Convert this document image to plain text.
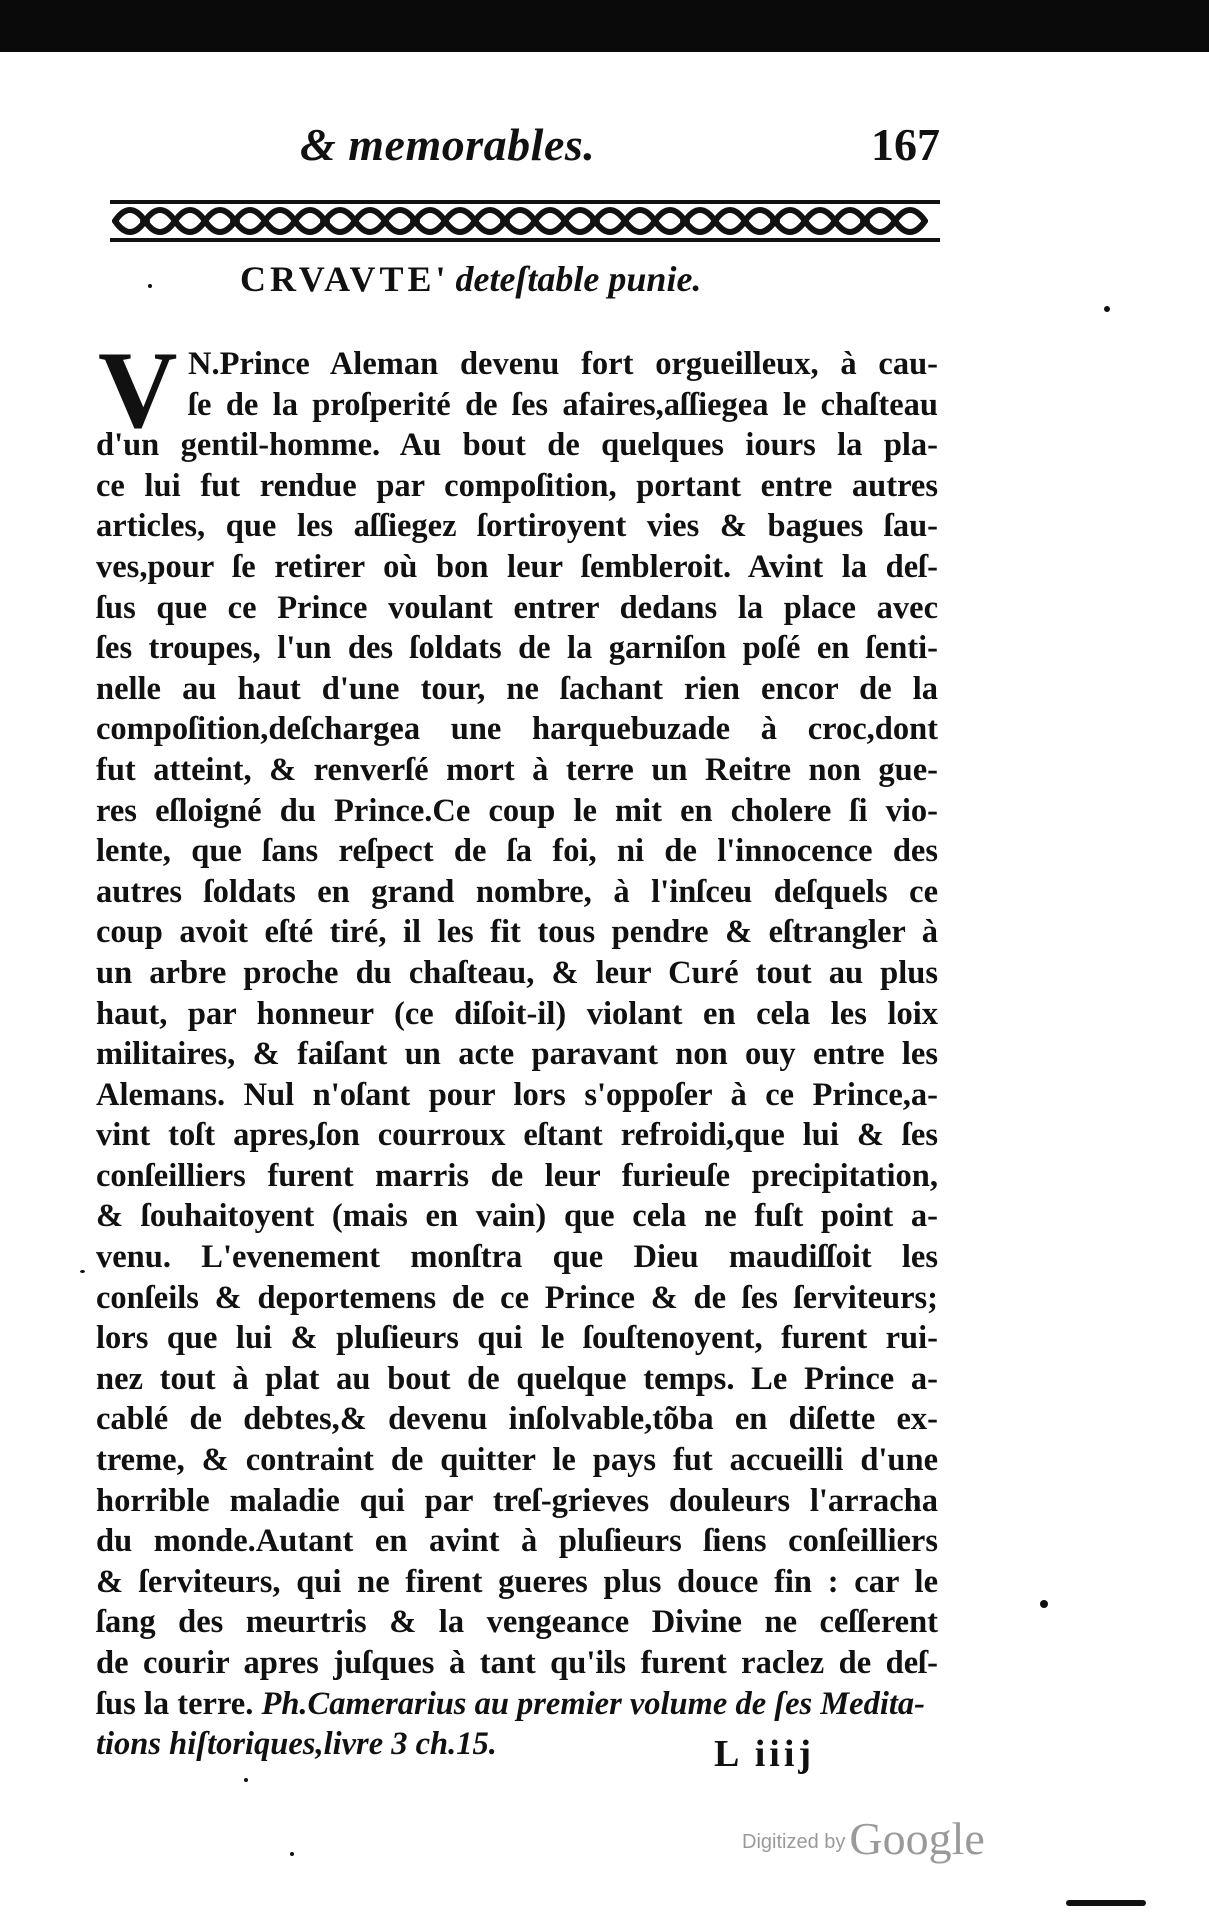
& memorables.	167
CRVAVTE' deteſtable punie.
V N.Prince Aleman devenu fort orgueilleux, à cau-
ſe de la proſperité de ſes afaires,aſſiegea le chaſteau
d'un gentil-homme. Au bout de quelques iours la pla-
ce lui fut rendue par compoſition, portant entre autres
articles, que les aſſiegez ſortiroyent vies & bagues ſau-
ves,pour ſe retirer où bon leur ſembleroit. Avint la deſ-
ſus que ce Prince voulant entrer dedans la place avec
ſes troupes, l'un des ſoldats de la garniſon poſé en ſenti-
nelle au haut d'une tour, ne ſachant rien encor de la
compoſition,deſchargea une harquebuzade à croc,dont
fut atteint, & renverſé mort à terre un Reitre non gue-
res eſloigné du Prince.Ce coup le mit en cholere ſi vio-
lente, que ſans reſpect de ſa foi, ni de l'innocence des
autres ſoldats en grand nombre, à l'inſceu deſquels ce
coup avoit eſté tiré, il les fit tous pendre & eſtrangler à
un arbre proche du chaſteau, & leur Curé tout au plus
haut, par honneur (ce diſoit-il) violant en cela les loix
militaires, & faiſant un acte paravant non ouy entre les
Alemans. Nul n'oſant pour lors s'oppoſer à ce Prince,a-
vint toſt apres,ſon courroux eſtant refroidi,que lui & ſes
conſeilliers furent marris de leur furieuſe precipitation,
& ſouhaitoyent (mais en vain) que cela ne fuſt point a-
venu. L'evenement monſtra que Dieu maudiſſoit les
conſeils & deportemens de ce Prince & de ſes ſerviteurs;
lors que lui & pluſieurs qui le ſouſtenoyent, furent rui-
nez tout à plat au bout de quelque temps. Le Prince a-
cablé de debtes,& devenu inſolvable,tõba en diſette ex-
treme, & contraint de quitter le pays fut accueilli d'une
horrible maladie qui par treſ-grieves douleurs l'arracha
du monde.Autant en avint à pluſieurs ſiens conſeilliers
& ſerviteurs, qui ne firent gueres plus douce fin : car le
ſang des meurtris & la vengeance Divine ne ceſſerent
de courir apres juſques à tant qu'ils furent raclez de deſ-
ſus la terre. Ph.Camerarius au premier volume de ſes Medita-
tions hiſtoriques,livre 3 ch.15.	L iiij
Digitized byGoogle
